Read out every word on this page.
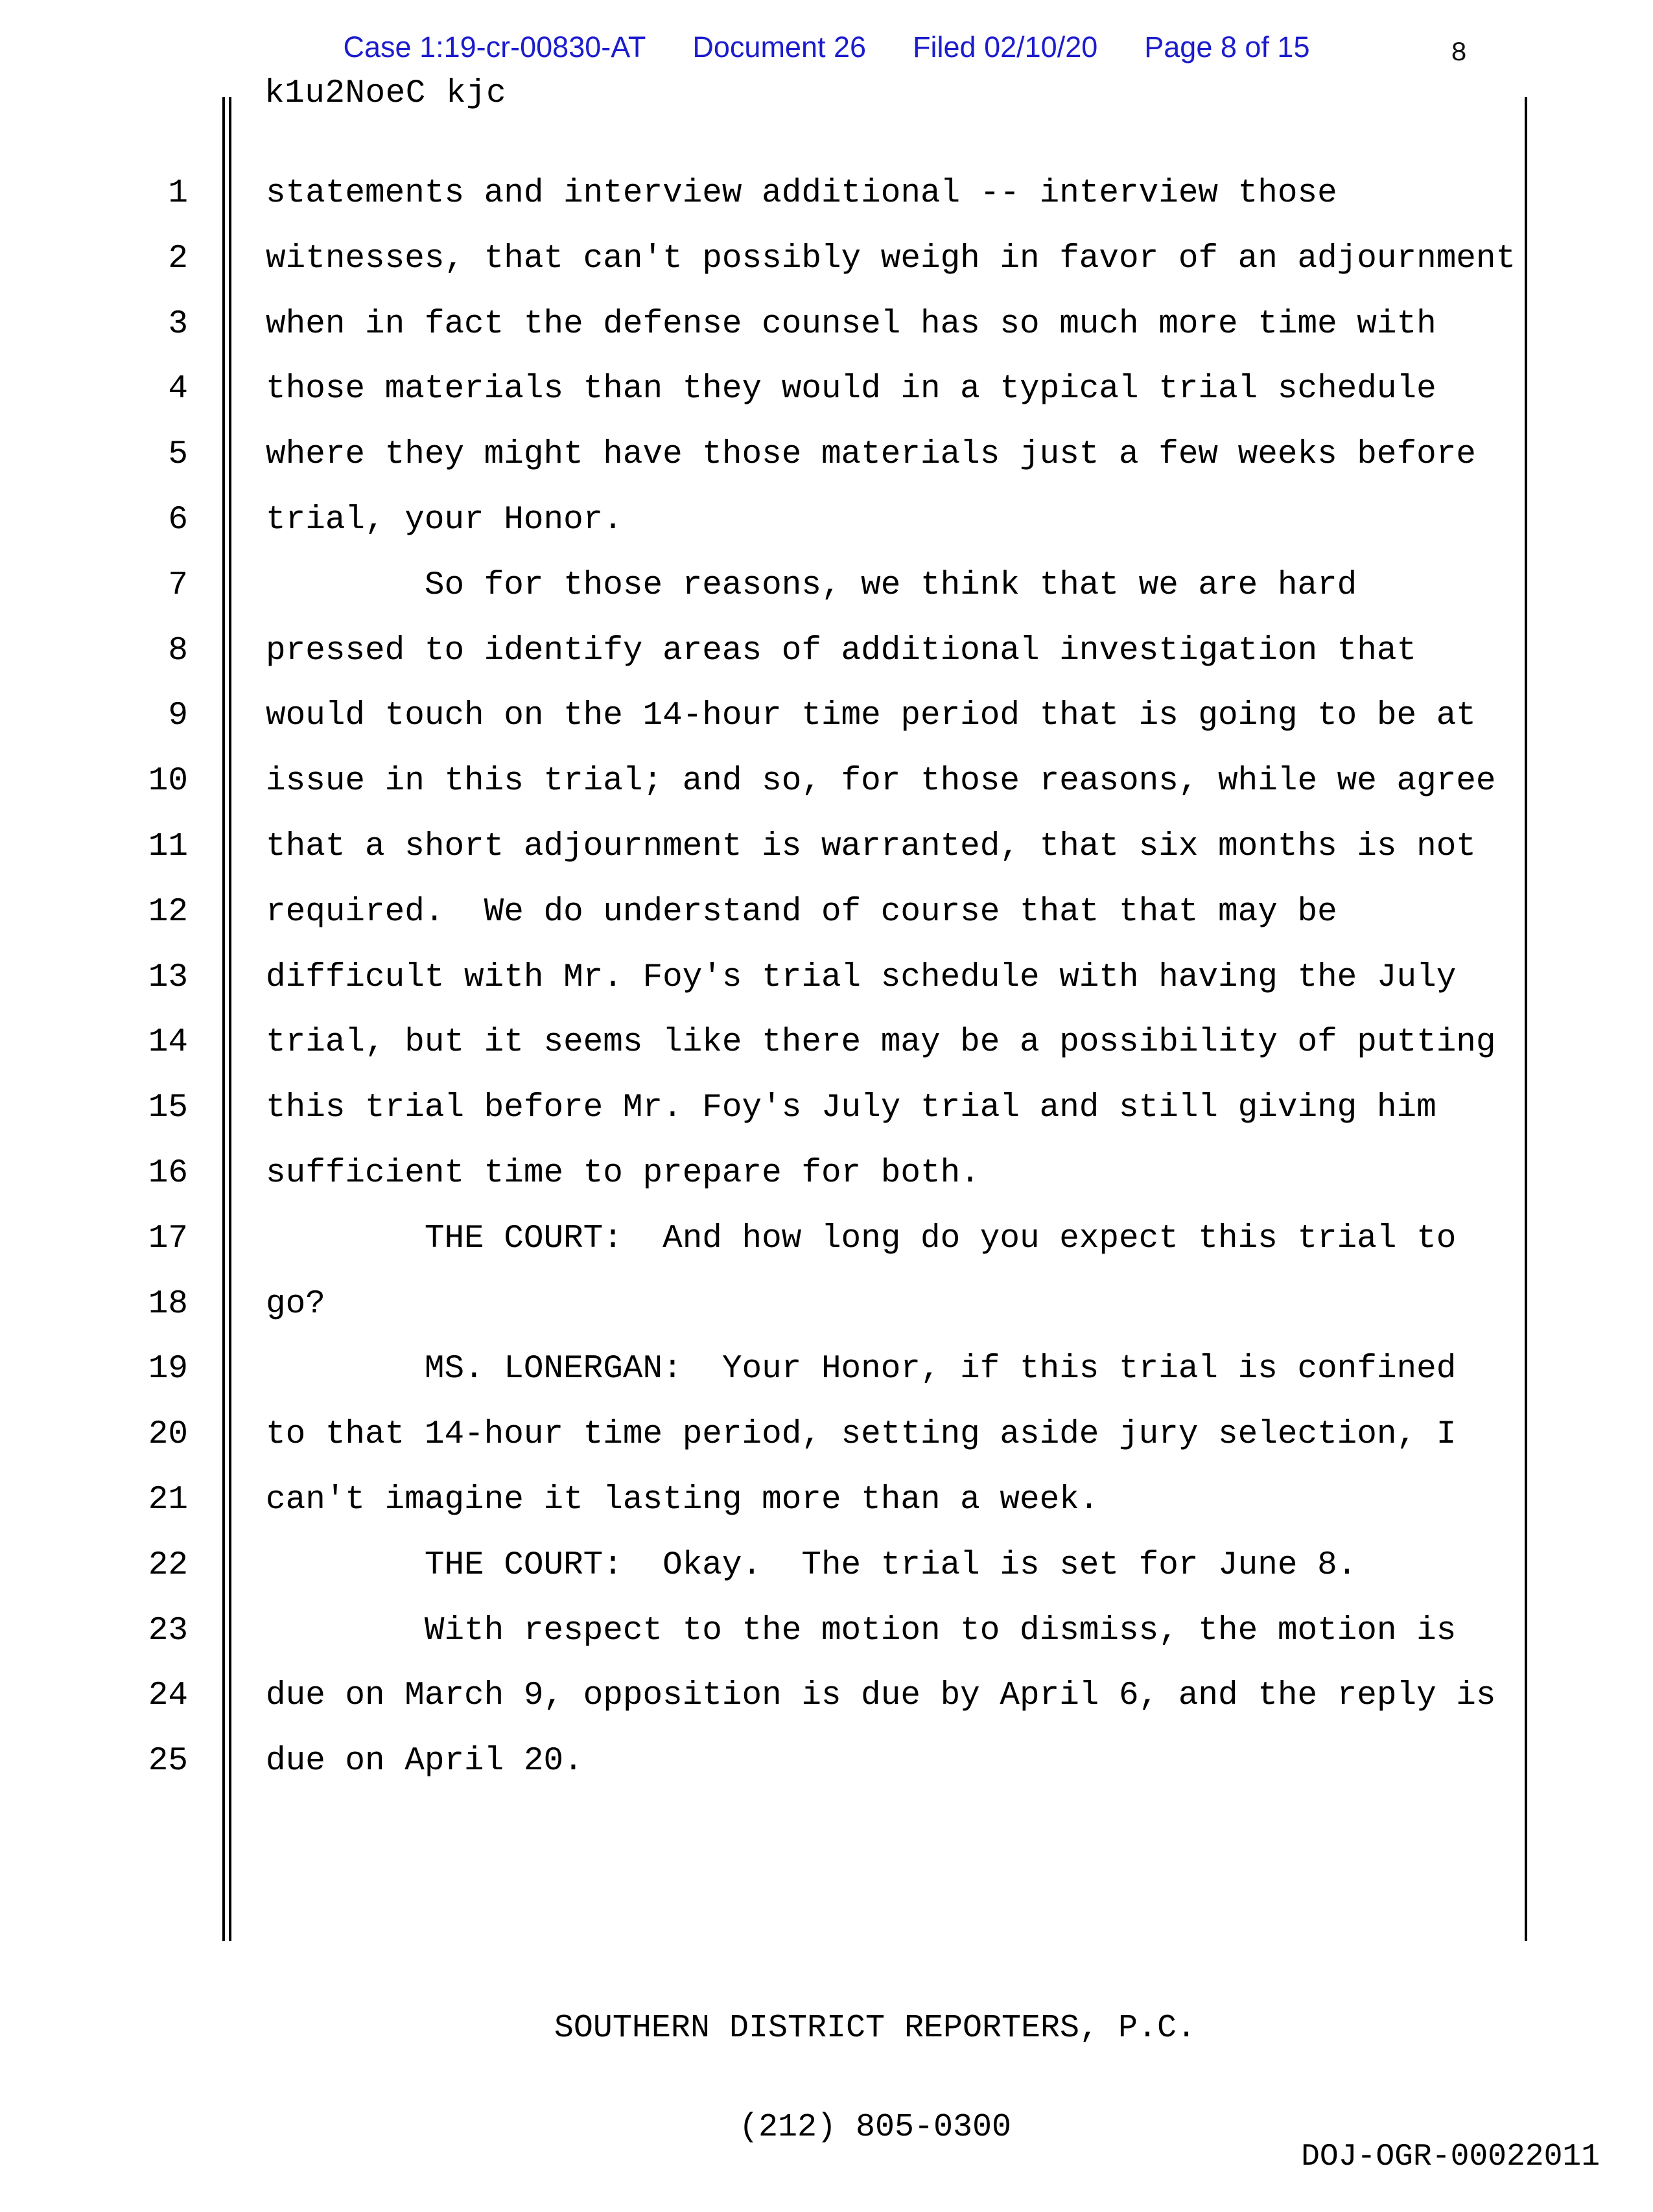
Case 1:19-cr-00830-AT Document 26 Filed 02/10/20 Page 8 of 15	8
k1u2NoeC kjc
1 statements and interview additional -- interview those
2 witnesses, that can't possibly weigh in favor of an adjournment
3 when in fact the defense counsel has so much more time with
4 those materials than they would in a typical trial schedule
5 where they might have those materials just a few weeks before
6 trial, your Honor.
7 So for those reasons, we think that we are hard
8 pressed to identify areas of additional investigation that
9 would touch on the 14-hour time period that is going to be at
10 issue in this trial; and so, for those reasons, while we agree
11 that a short adjournment is warranted, that six months is not
12 required.  We do understand of course that that may be
13 difficult with Mr. Foy's trial schedule with having the July
14 trial, but it seems like there may be a possibility of putting
15 this trial before Mr. Foy's July trial and still giving him
16 sufficient time to prepare for both.
17 THE COURT:  And how long do you expect this trial to
18 go?
19 MS. LONERGAN:  Your Honor, if this trial is confined
20 to that 14-hour time period, setting aside jury selection, I
21 can't imagine it lasting more than a week.
22 THE COURT:  Okay.  The trial is set for June 8.
23 With respect to the motion to dismiss, the motion is
24 due on March 9, opposition is due by April 6, and the reply is
25 due on April 20.

SOUTHERN DISTRICT REPORTERS, P.C.

(212) 805-0300

DOJ-OGR-00022011
